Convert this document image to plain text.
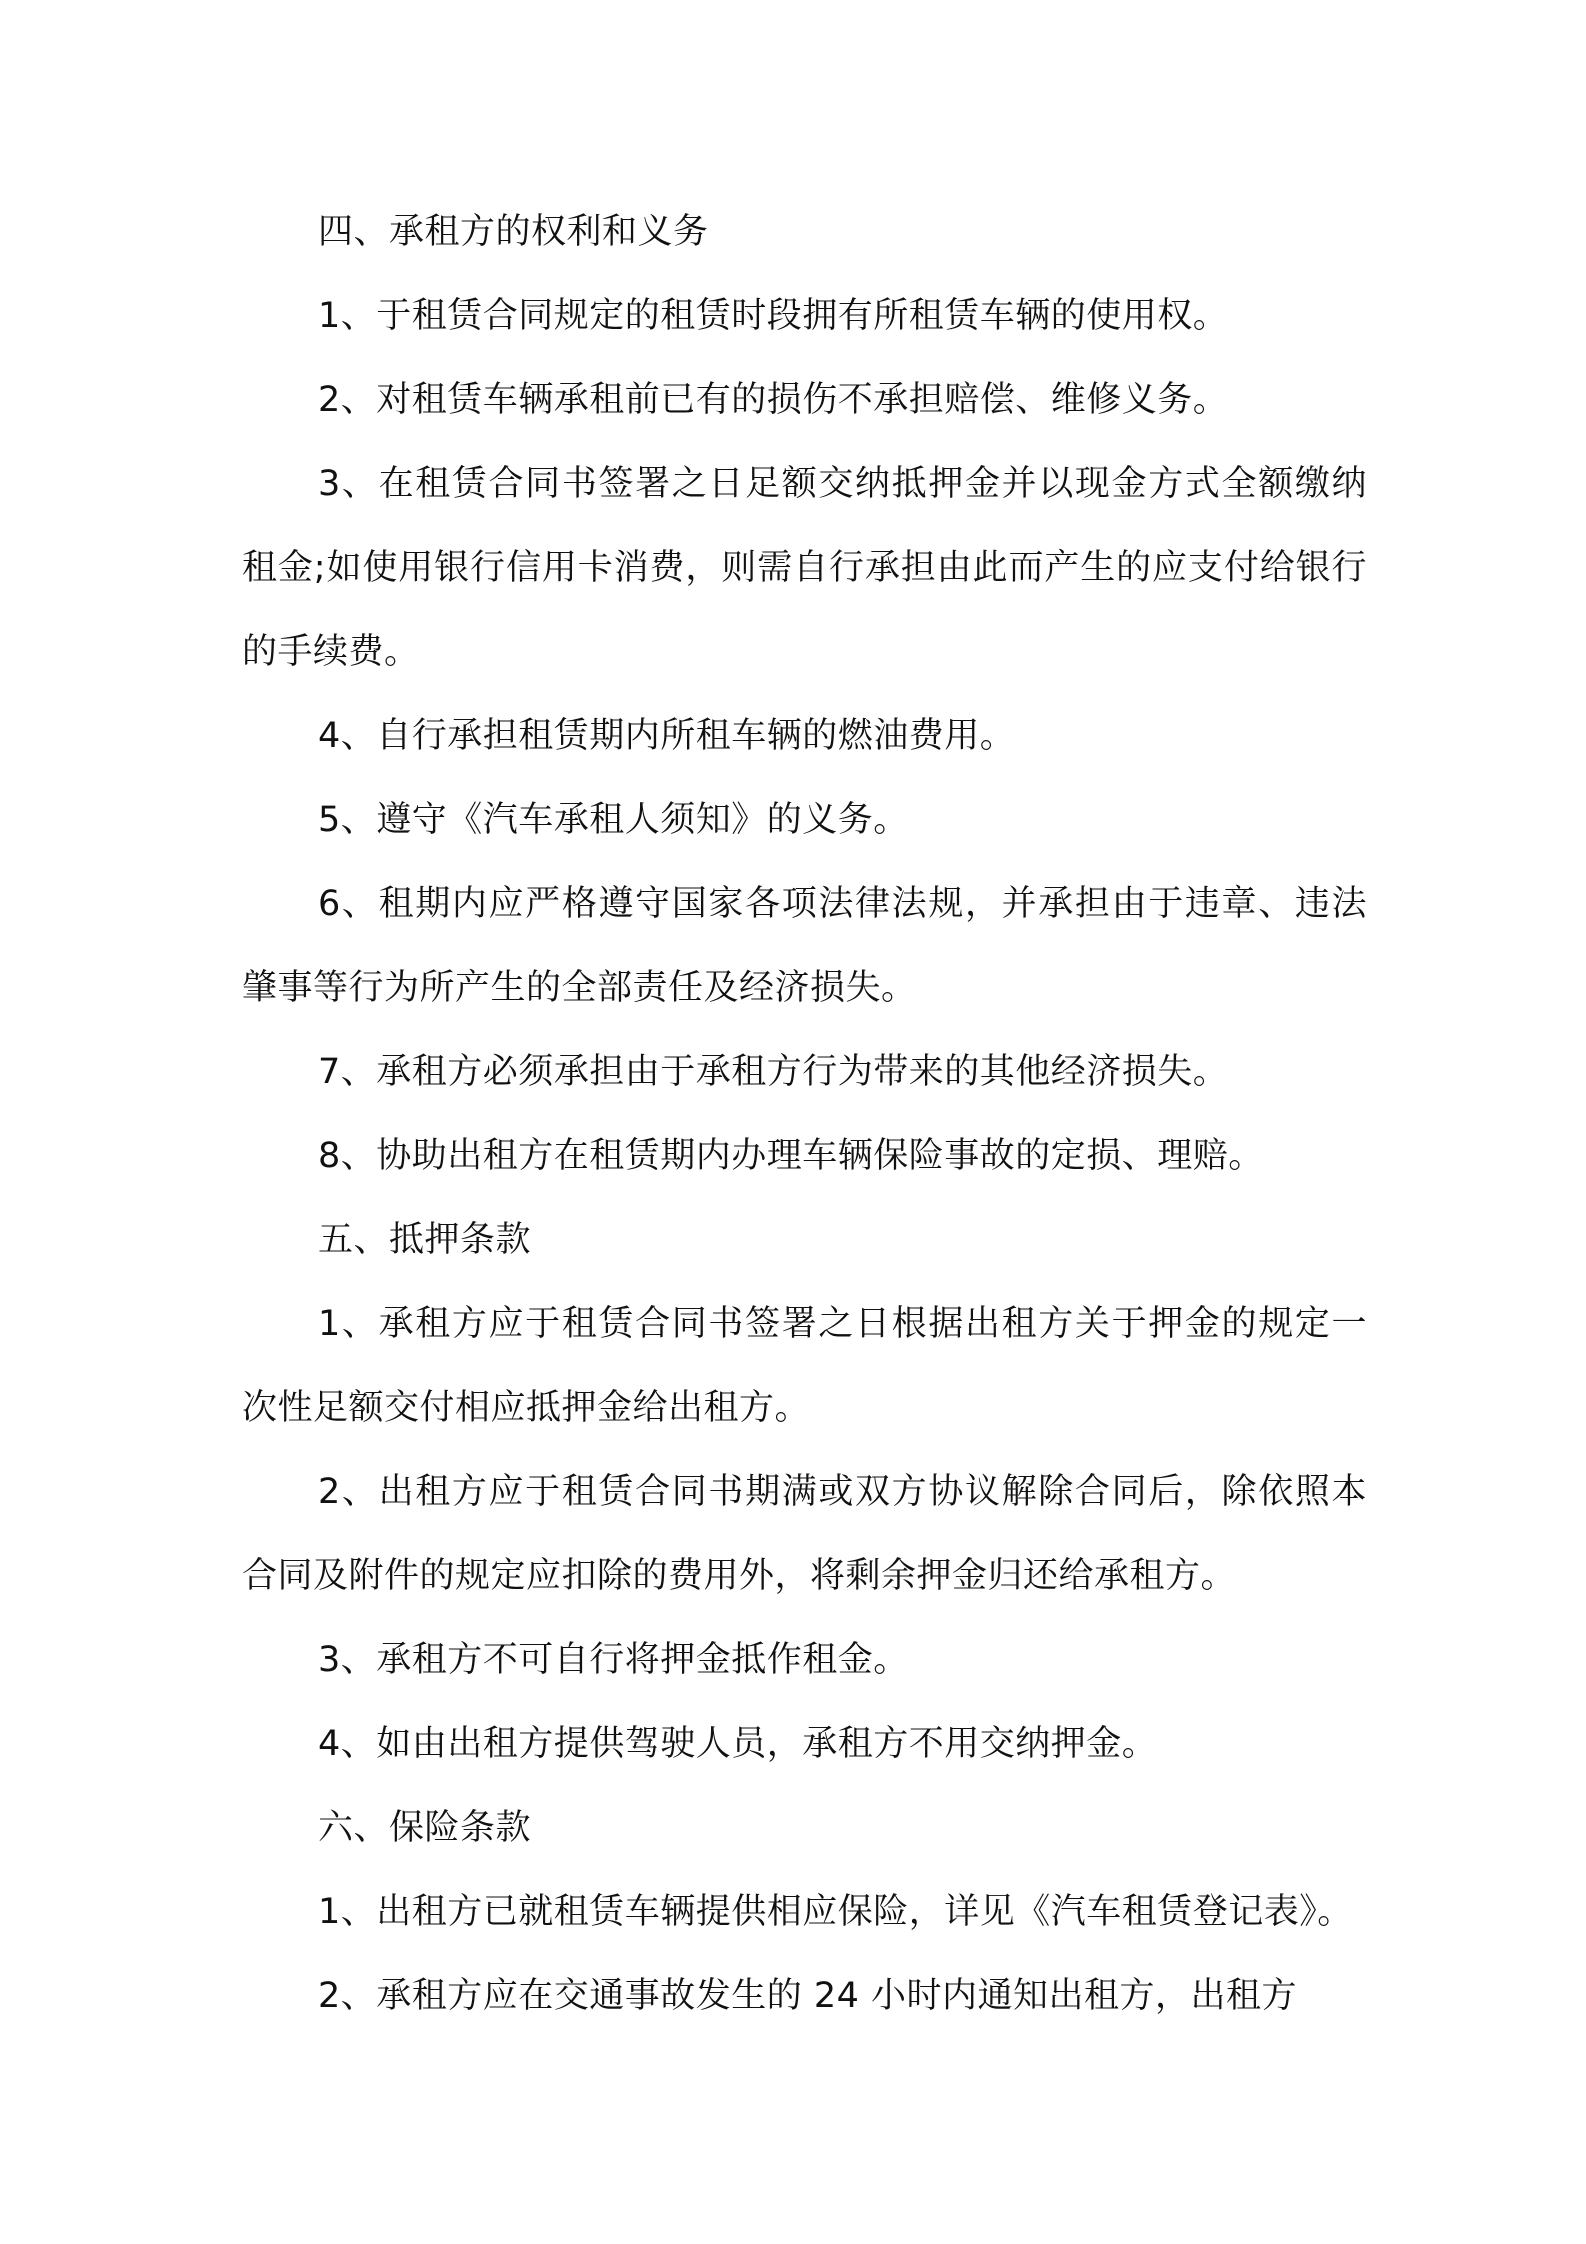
四、承租方的权利和义务

1、于租赁合同规定的租赁时段拥有所租赁车辆的使用权。

2、对租赁车辆承租前已有的损伤不承担赔偿、维修义务。

3、在租赁合同书签署之日足额交纳抵押金并以现金方式全额缴纳租金;如使用银行信用卡消费，则需自行承担由此而产生的应支付给银行的手续费。

4、自行承担租赁期内所租车辆的燃油费用。

5、遵守《汽车承租人须知》的义务。

6、租期内应严格遵守国家各项法律法规，并承担由于违章、违法肇事等行为所产生的全部责任及经济损失。

7、承租方必须承担由于承租方行为带来的其他经济损失。

8、协助出租方在租赁期内办理车辆保险事故的定损、理赔。

五、抵押条款

1、承租方应于租赁合同书签署之日根据出租方关于押金的规定一次性足额交付相应抵押金给出租方。

2、出租方应于租赁合同书期满或双方协议解除合同后，除依照本合同及附件的规定应扣除的费用外，将剩余押金归还给承租方。

3、承租方不可自行将押金抵作租金。

4、如由出租方提供驾驶人员，承租方不用交纳押金。

六、保险条款

1、出租方已就租赁车辆提供相应保险，详见《汽车租赁登记表》。

2、承租方应在交通事故发生的 24 小时内通知出租方，出租方
